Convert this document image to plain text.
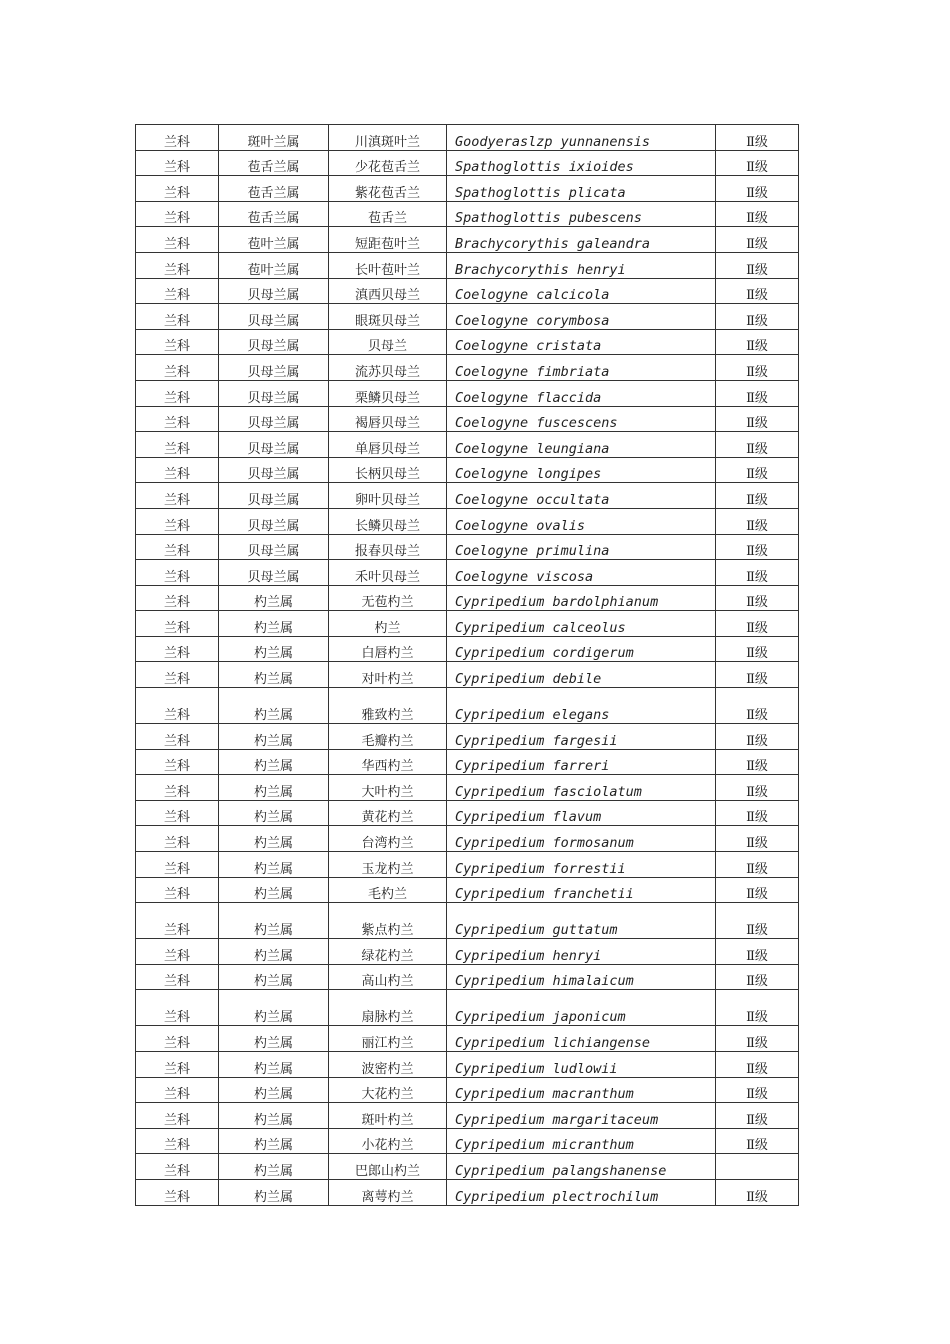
兰科	斑叶兰属	川滇斑叶兰	Goodyeraslzp yunnanensis	Ⅱ级
兰科	苞舌兰属	少花苞舌兰	Spathoglottis ixioides	Ⅱ级
兰科	苞舌兰属	紫花苞舌兰	Spathoglottis plicata	Ⅱ级
兰科	苞舌兰属	苞舌兰	Spathoglottis pubescens	Ⅱ级
兰科	苞叶兰属	短距苞叶兰	Brachycorythis galeandra	Ⅱ级
兰科	苞叶兰属	长叶苞叶兰	Brachycorythis henryi	Ⅱ级
兰科	贝母兰属	滇西贝母兰	Coelogyne calcicola	Ⅱ级
兰科	贝母兰属	眼斑贝母兰	Coelogyne corymbosa	Ⅱ级
兰科	贝母兰属	贝母兰	Coelogyne cristata	Ⅱ级
兰科	贝母兰属	流苏贝母兰	Coelogyne fimbriata	Ⅱ级
兰科	贝母兰属	栗鳞贝母兰	Coelogyne flaccida	Ⅱ级
兰科	贝母兰属	褐唇贝母兰	Coelogyne fuscescens	Ⅱ级
兰科	贝母兰属	单唇贝母兰	Coelogyne leungiana	Ⅱ级
兰科	贝母兰属	长柄贝母兰	Coelogyne longipes	Ⅱ级
兰科	贝母兰属	卵叶贝母兰	Coelogyne occultata	Ⅱ级
兰科	贝母兰属	长鳞贝母兰	Coelogyne ovalis	Ⅱ级
兰科	贝母兰属	报春贝母兰	Coelogyne primulina	Ⅱ级
兰科	贝母兰属	禾叶贝母兰	Coelogyne viscosa	Ⅱ级
兰科	杓兰属	无苞杓兰	Cypripedium bardolphianum	Ⅱ级
兰科	杓兰属	杓兰	Cypripedium calceolus	Ⅱ级
兰科	杓兰属	白唇杓兰	Cypripedium cordigerum	Ⅱ级
兰科	杓兰属	对叶杓兰	Cypripedium debile	Ⅱ级
兰科	杓兰属	雅致杓兰	Cypripedium elegans	Ⅱ级
兰科	杓兰属	毛瓣杓兰	Cypripedium fargesii	Ⅱ级
兰科	杓兰属	华西杓兰	Cypripedium farreri	Ⅱ级
兰科	杓兰属	大叶杓兰	Cypripedium fasciolatum	Ⅱ级
兰科	杓兰属	黄花杓兰	Cypripedium flavum	Ⅱ级
兰科	杓兰属	台湾杓兰	Cypripedium formosanum	Ⅱ级
兰科	杓兰属	玉龙杓兰	Cypripedium forrestii	Ⅱ级
兰科	杓兰属	毛杓兰	Cypripedium franchetii	Ⅱ级
兰科	杓兰属	紫点杓兰	Cypripedium guttatum	Ⅱ级
兰科	杓兰属	绿花杓兰	Cypripedium henryi	Ⅱ级
兰科	杓兰属	高山杓兰	Cypripedium himalaicum	Ⅱ级
兰科	杓兰属	扇脉杓兰	Cypripedium japonicum	Ⅱ级
兰科	杓兰属	丽江杓兰	Cypripedium lichiangense	Ⅱ级
兰科	杓兰属	波密杓兰	Cypripedium ludlowii	Ⅱ级
兰科	杓兰属	大花杓兰	Cypripedium macranthum	Ⅱ级
兰科	杓兰属	斑叶杓兰	Cypripedium margaritaceum	Ⅱ级
兰科	杓兰属	小花杓兰	Cypripedium micranthum	Ⅱ级
兰科	杓兰属	巴郎山杓兰	Cypripedium palangshanense	
兰科	杓兰属	离萼杓兰	Cypripedium plectrochilum	Ⅱ级
